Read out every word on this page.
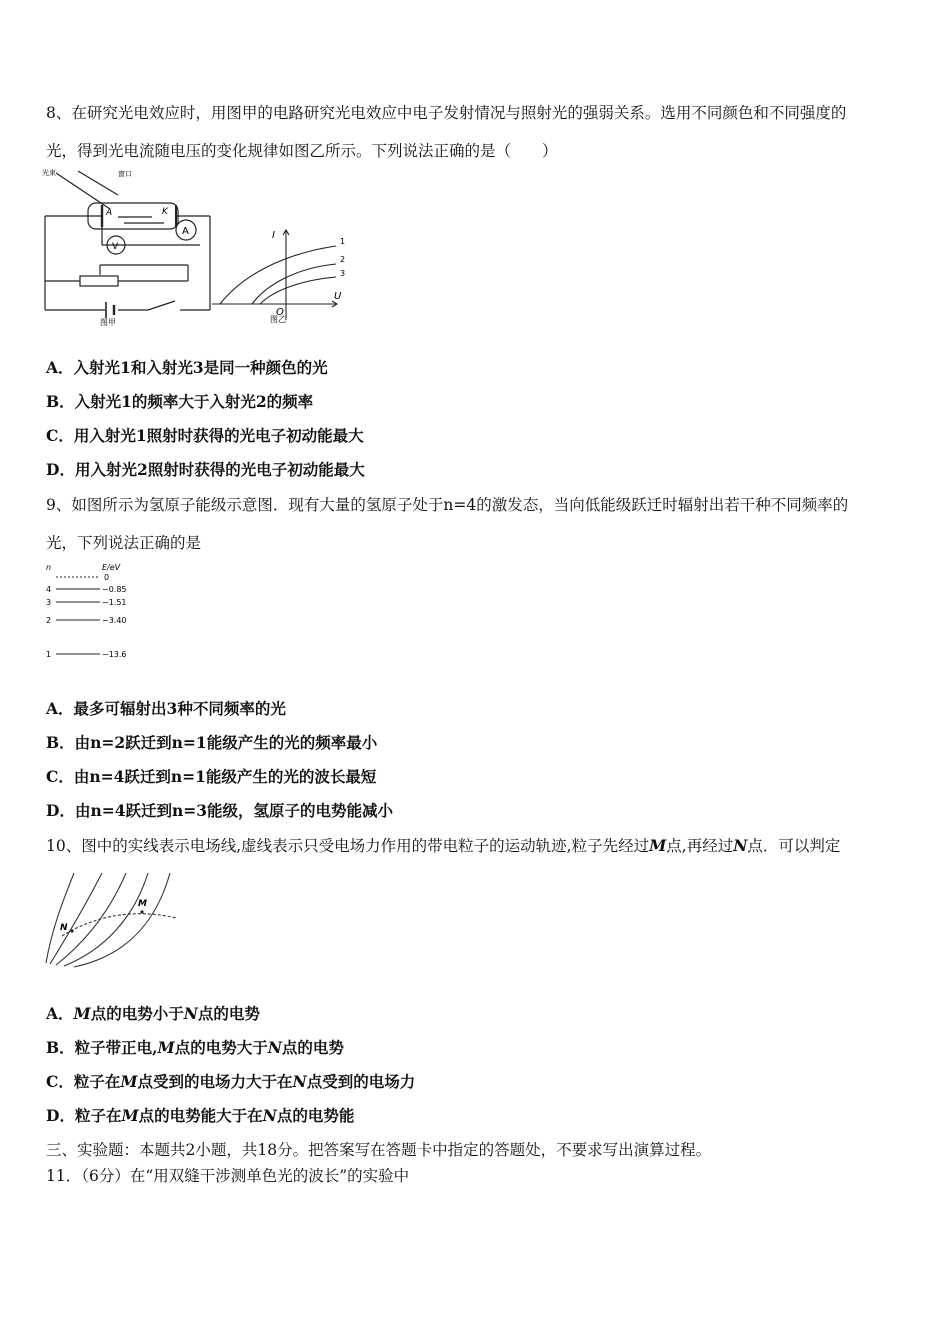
8、在研究光电效应时，用图甲的电路研究光电效应中电子发射情况与照射光的强弱关系。选用不同颜色和不同强度的
光，得到光电流随电压的变化规律如图乙所示。下列说法正确的是（　　）
光束	窗口
A	K
V
A
图甲
I
U
O
1
2
3
图乙
A．入射光1和入射光3是同一种颜色的光
B．入射光1的频率大于入射光2的频率
C．用入射光1照射时获得的光电子初动能最大
D．用入射光2照射时获得的光电子初动能最大
9、如图所示为氢原子能级示意图．现有大量的氢原子处于n=4的激发态，当向低能级跃迁时辐射出若干种不同频率的
光，下列说法正确的是
n	E/eV
0
4	−0.85
3	−1.51
2	−3.40
1	−13.6
A．最多可辐射出3种不同频率的光
B．由n=2跃迁到n=1能级产生的光的频率最小
C．由n=4跃迁到n=1能级产生的光的波长最短
D．由n=4跃迁到n=3能级，氢原子的电势能减小
10、图中的实线表示电场线,虚线表示只受电场力作用的带电粒子的运动轨迹,粒子先经过M点,再经过N点．可以判定
N
M
A．M点的电势小于N点的电势
B．粒子带正电,M点的电势大于N点的电势
C．粒子在M点受到的电场力大于在N点受到的电场力
D．粒子在M点的电势能大于在N点的电势能
三、实验题：本题共2小题，共18分。把答案写在答题卡中指定的答题处，不要求写出演算过程。
11．（6分）在“用双缝干涉测单色光的波长”的实验中
